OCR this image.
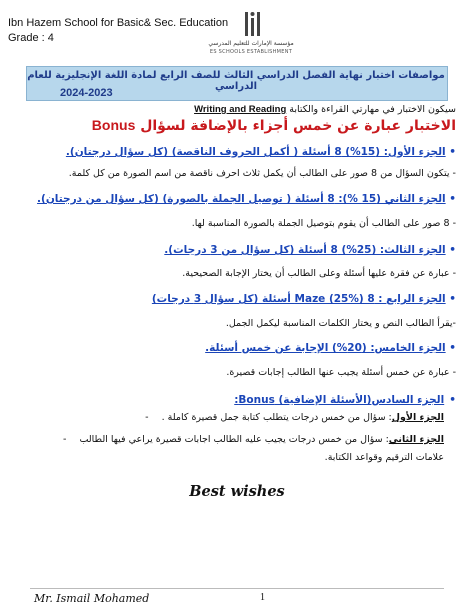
Ibn Hazem School for Basic& Sec. Education
Grade : 4	مؤسسة الإمارات للتعليم المدرسي
ES SCHOOLS ESTABLISHMENT
مواصفات اختبار نهاية الفصل الدراسي الثالث للصف الرابع لمادة اللغة الإنجليزية للعام الدراسي
2024-2023
سيكون الاختبار في مهارتي القراءة والكتابة Writing and Reading
الاختبار عبارة عن خمس أجزاء بالإضافة لسؤال Bonus
• الجزء الأول: (15%) 8 أسئلة ( أكمل الحروف الناقصة) (كل سؤال درجتان).
- يتكون السؤال من 8 صور على الطالب أن يكمل ثلاث احرف ناقصة من اسم الصورة من كل كلمة.
• الجزء الثاني (15 %): 8 أسئلة ( توصيل الجملة بالصورة) (كل سؤال من درجتان).
- 8 صور على الطالب أن يقوم بتوصيل الجملة بالصورة المناسبة لها.
• الجزء الثالث: (25%) 8 أسئلة (كل سؤال من 3 درجات).
- عبارة عن فقرة عليها أسئلة وعلى الطالب أن يختار الإجابة الصحيحية.
• الجزء الرابع : Maze (25%) 8 أسئلة (كل سؤال 3 درجات)
-يقرأ الطالب النص و يختار الكلمات المناسبة ليكمل الجمل.
• الجزء الخامس: (20%) الإجابة عن خمس أسئلة.
- عبارة عن خمس أسئلة يجيب عنها الطالب إجابات قصيرة.
• الجزء السادس(الأسئلة الإضافية) Bonus:
الجزء الأول: سؤال من خمس درجات يتطلب كتابة جمل قصيرة كاملة . -
الجزء الثاني: سؤال من خمس درجات يجيب عليه الطالب اجابات قصيرة يراعي فيها الطالب -
علامات الترقيم وقواعد الكتابة.
Best wishes
Mr. Ismail Mohamed	1
